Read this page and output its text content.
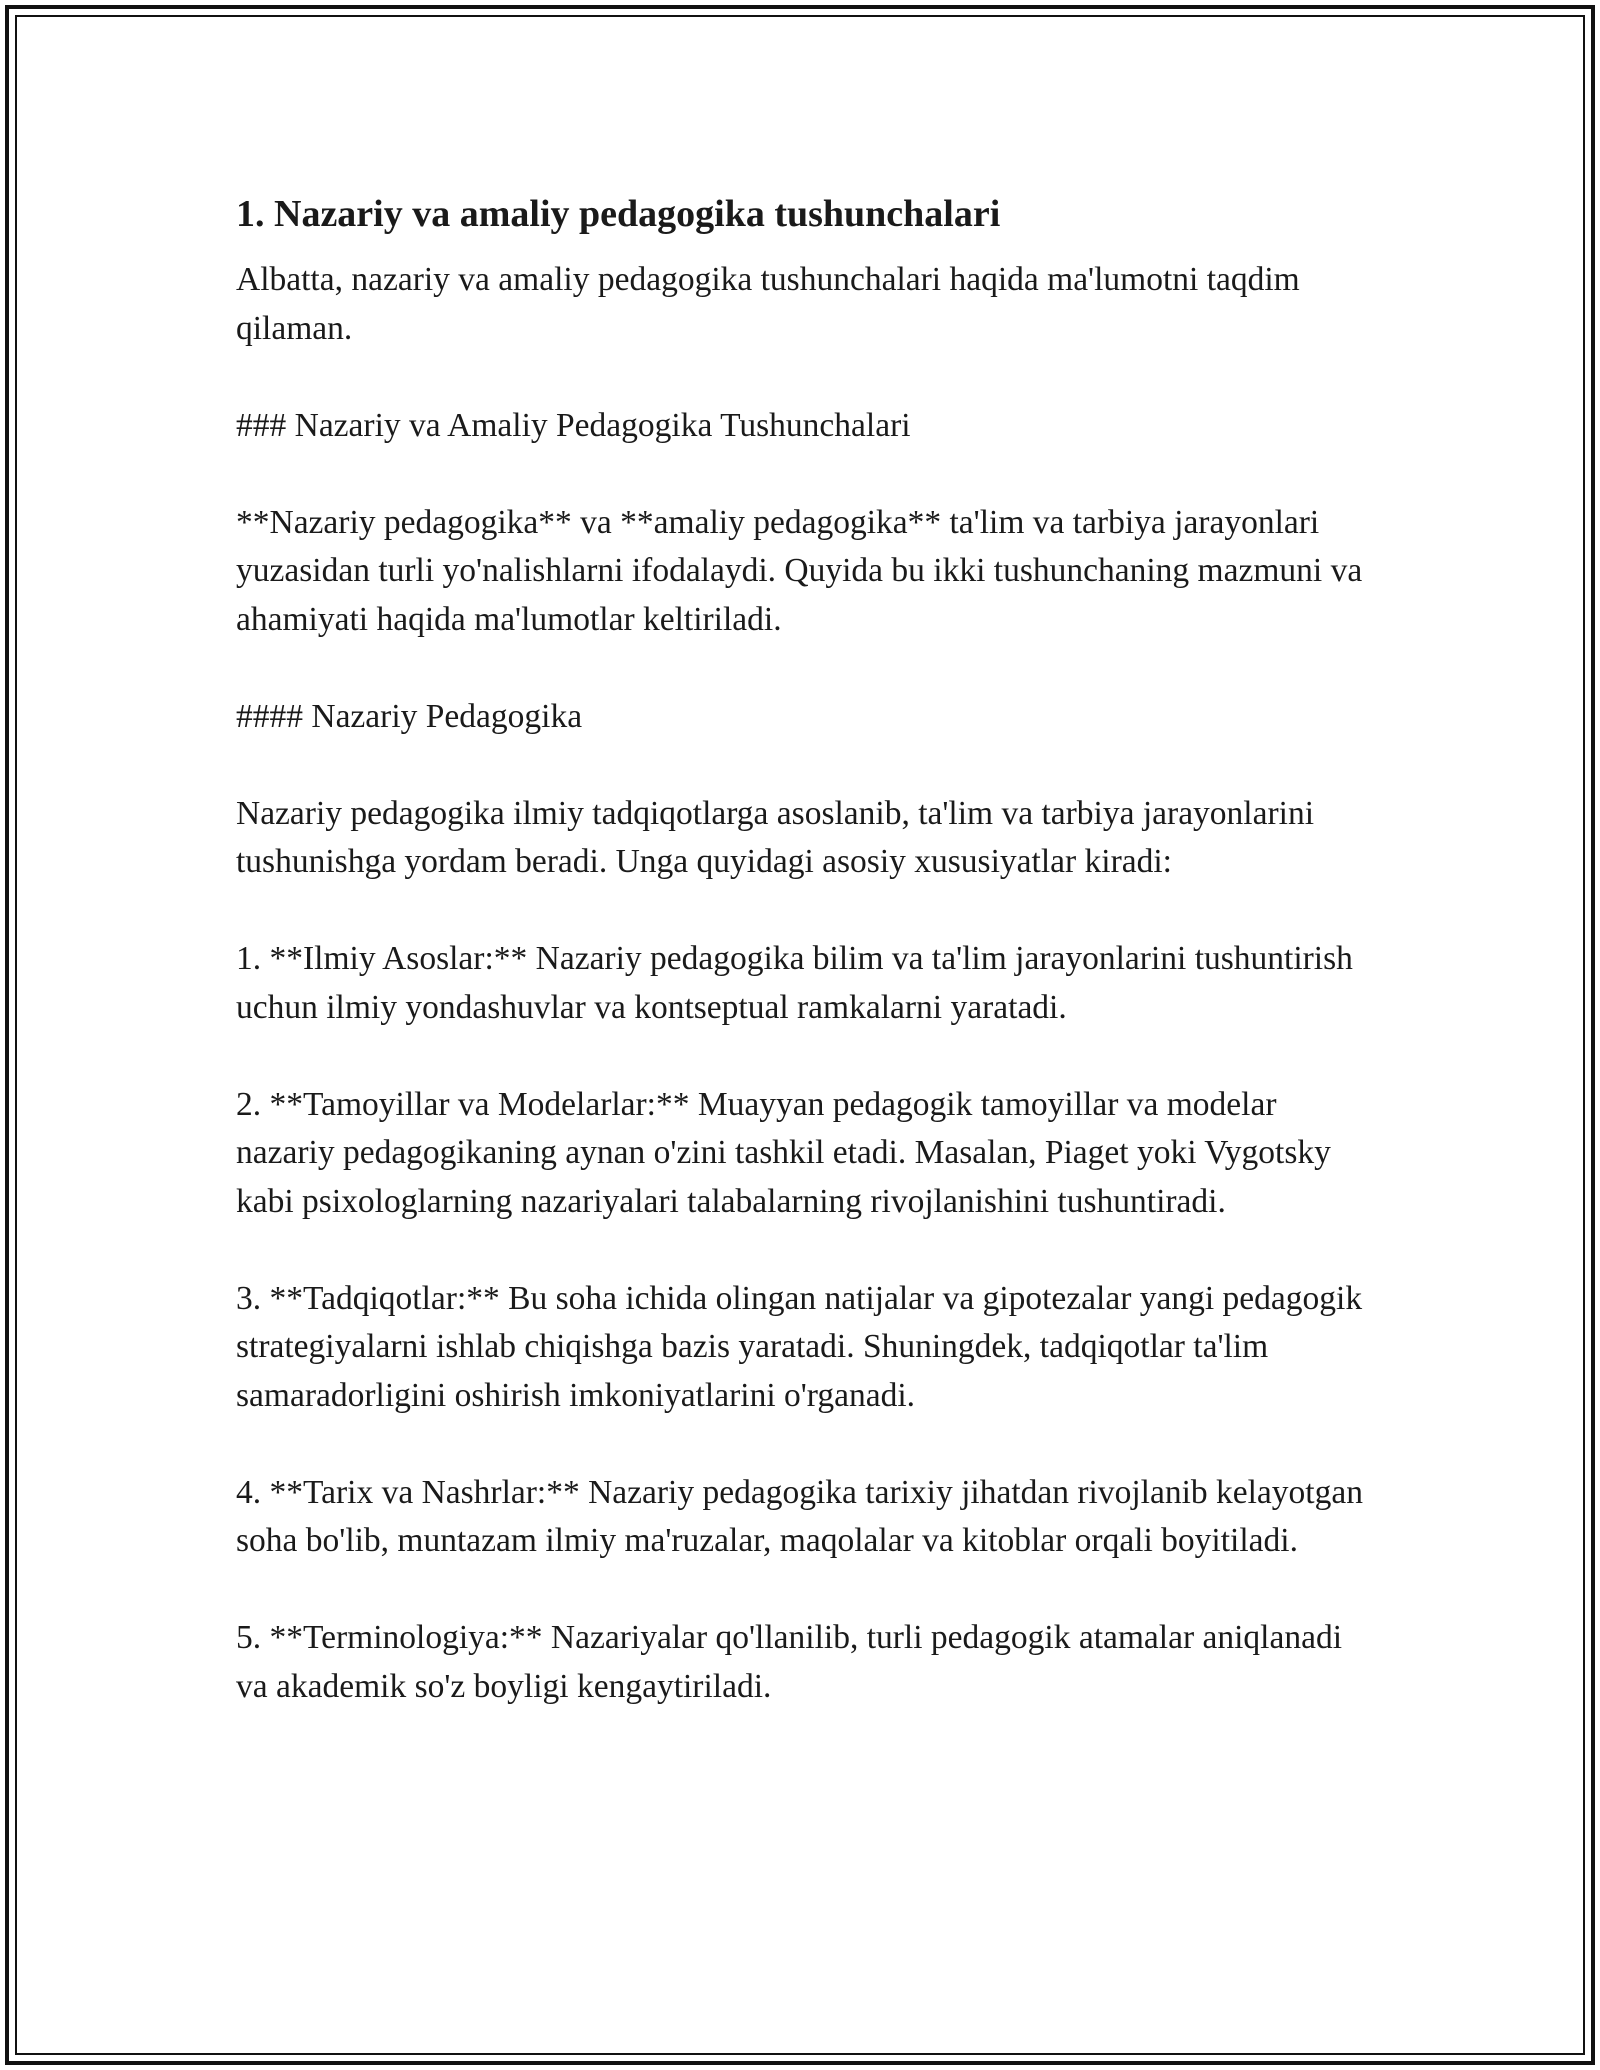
1. Nazariy va amaliy pedagogika tushunchalari

Albatta, nazariy va amaliy pedagogika tushunchalari haqida ma'lumotni taqdim qilaman.

### Nazariy va Amaliy Pedagogika Tushunchalari

**Nazariy pedagogika** va **amaliy pedagogika** ta'lim va tarbiya jarayonlari yuzasidan turli yo'nalishlarni ifodalaydi. Quyida bu ikki tushunchaning mazmuni va ahamiyati haqida ma'lumotlar keltiriladi.

#### Nazariy Pedagogika

Nazariy pedagogika ilmiy tadqiqotlarga asoslanib, ta'lim va tarbiya jarayonlarini tushunishga yordam beradi. Unga quyidagi asosiy xususiyatlar kiradi:

1. **Ilmiy Asoslar:** Nazariy pedagogika bilim va ta'lim jarayonlarini tushuntirish uchun ilmiy yondashuvlar va kontseptual ramkalarni yaratadi.

2. **Tamoyillar va Modelarlar:** Muayyan pedagogik tamoyillar va modelar nazariy pedagogikaning aynan o'zini tashkil etadi. Masalan, Piaget yoki Vygotsky kabi psixologlarning nazariyalari talabalarning rivojlanishini tushuntiradi.

3. **Tadqiqotlar:** Bu soha ichida olingan natijalar va gipotezalar yangi pedagogik strategiyalarni ishlab chiqishga bazis yaratadi. Shuningdek, tadqiqotlar ta'lim samaradorligini oshirish imkoniyatlarini o'rganadi.

4. **Tarix va Nashrlar:** Nazariy pedagogika tarixiy jihatdan rivojlanib kelayotgan soha bo'lib, muntazam ilmiy ma'ruzalar, maqolalar va kitoblar orqali boyitiladi.

5. **Terminologiya:** Nazariyalar qo'llanilib, turli pedagogik atamalar aniqlanadi va akademik so'z boyligi kengaytiriladi.
